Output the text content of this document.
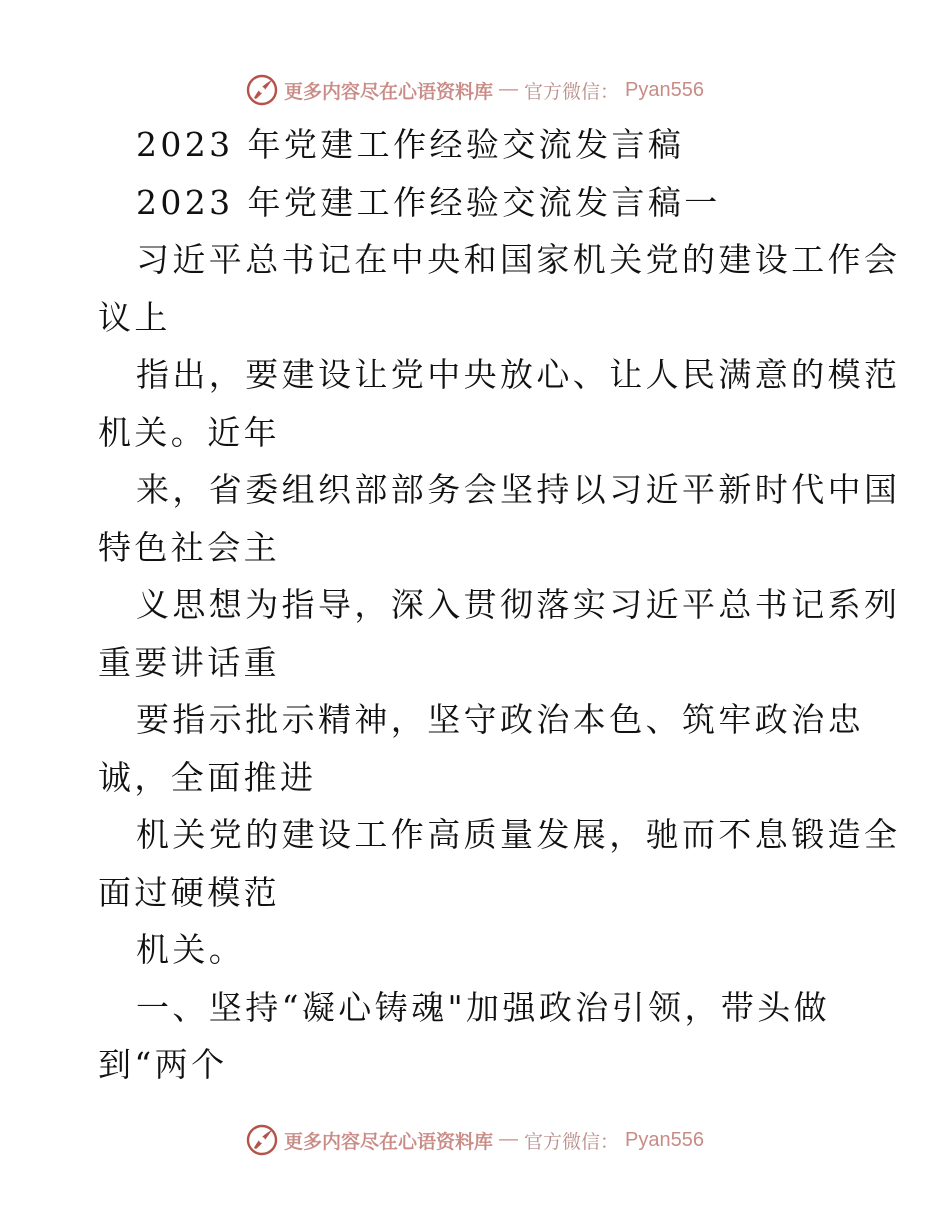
更多内容尽在心语资料库 — 官方微信： Pyan556
2023 年党建工作经验交流发言稿
2023 年党建工作经验交流发言稿一
习近平总书记在中央和国家机关党的建设工作会
议上
指出，要建设让党中央放心、让人民满意的模范
机关。近年
来，省委组织部部务会坚持以习近平新时代中国
特色社会主
义思想为指导，深入贯彻落实习近平总书记系列
重要讲话重
要指示批示精神，坚守政治本色、筑牢政治忠
诚，全面推进
机关党的建设工作高质量发展，驰而不息锻造全
面过硬模范
机关。
一、坚持“凝心铸魂"加强政治引领，带头做
到“两个
更多内容尽在心语资料库 — 官方微信： Pyan556
